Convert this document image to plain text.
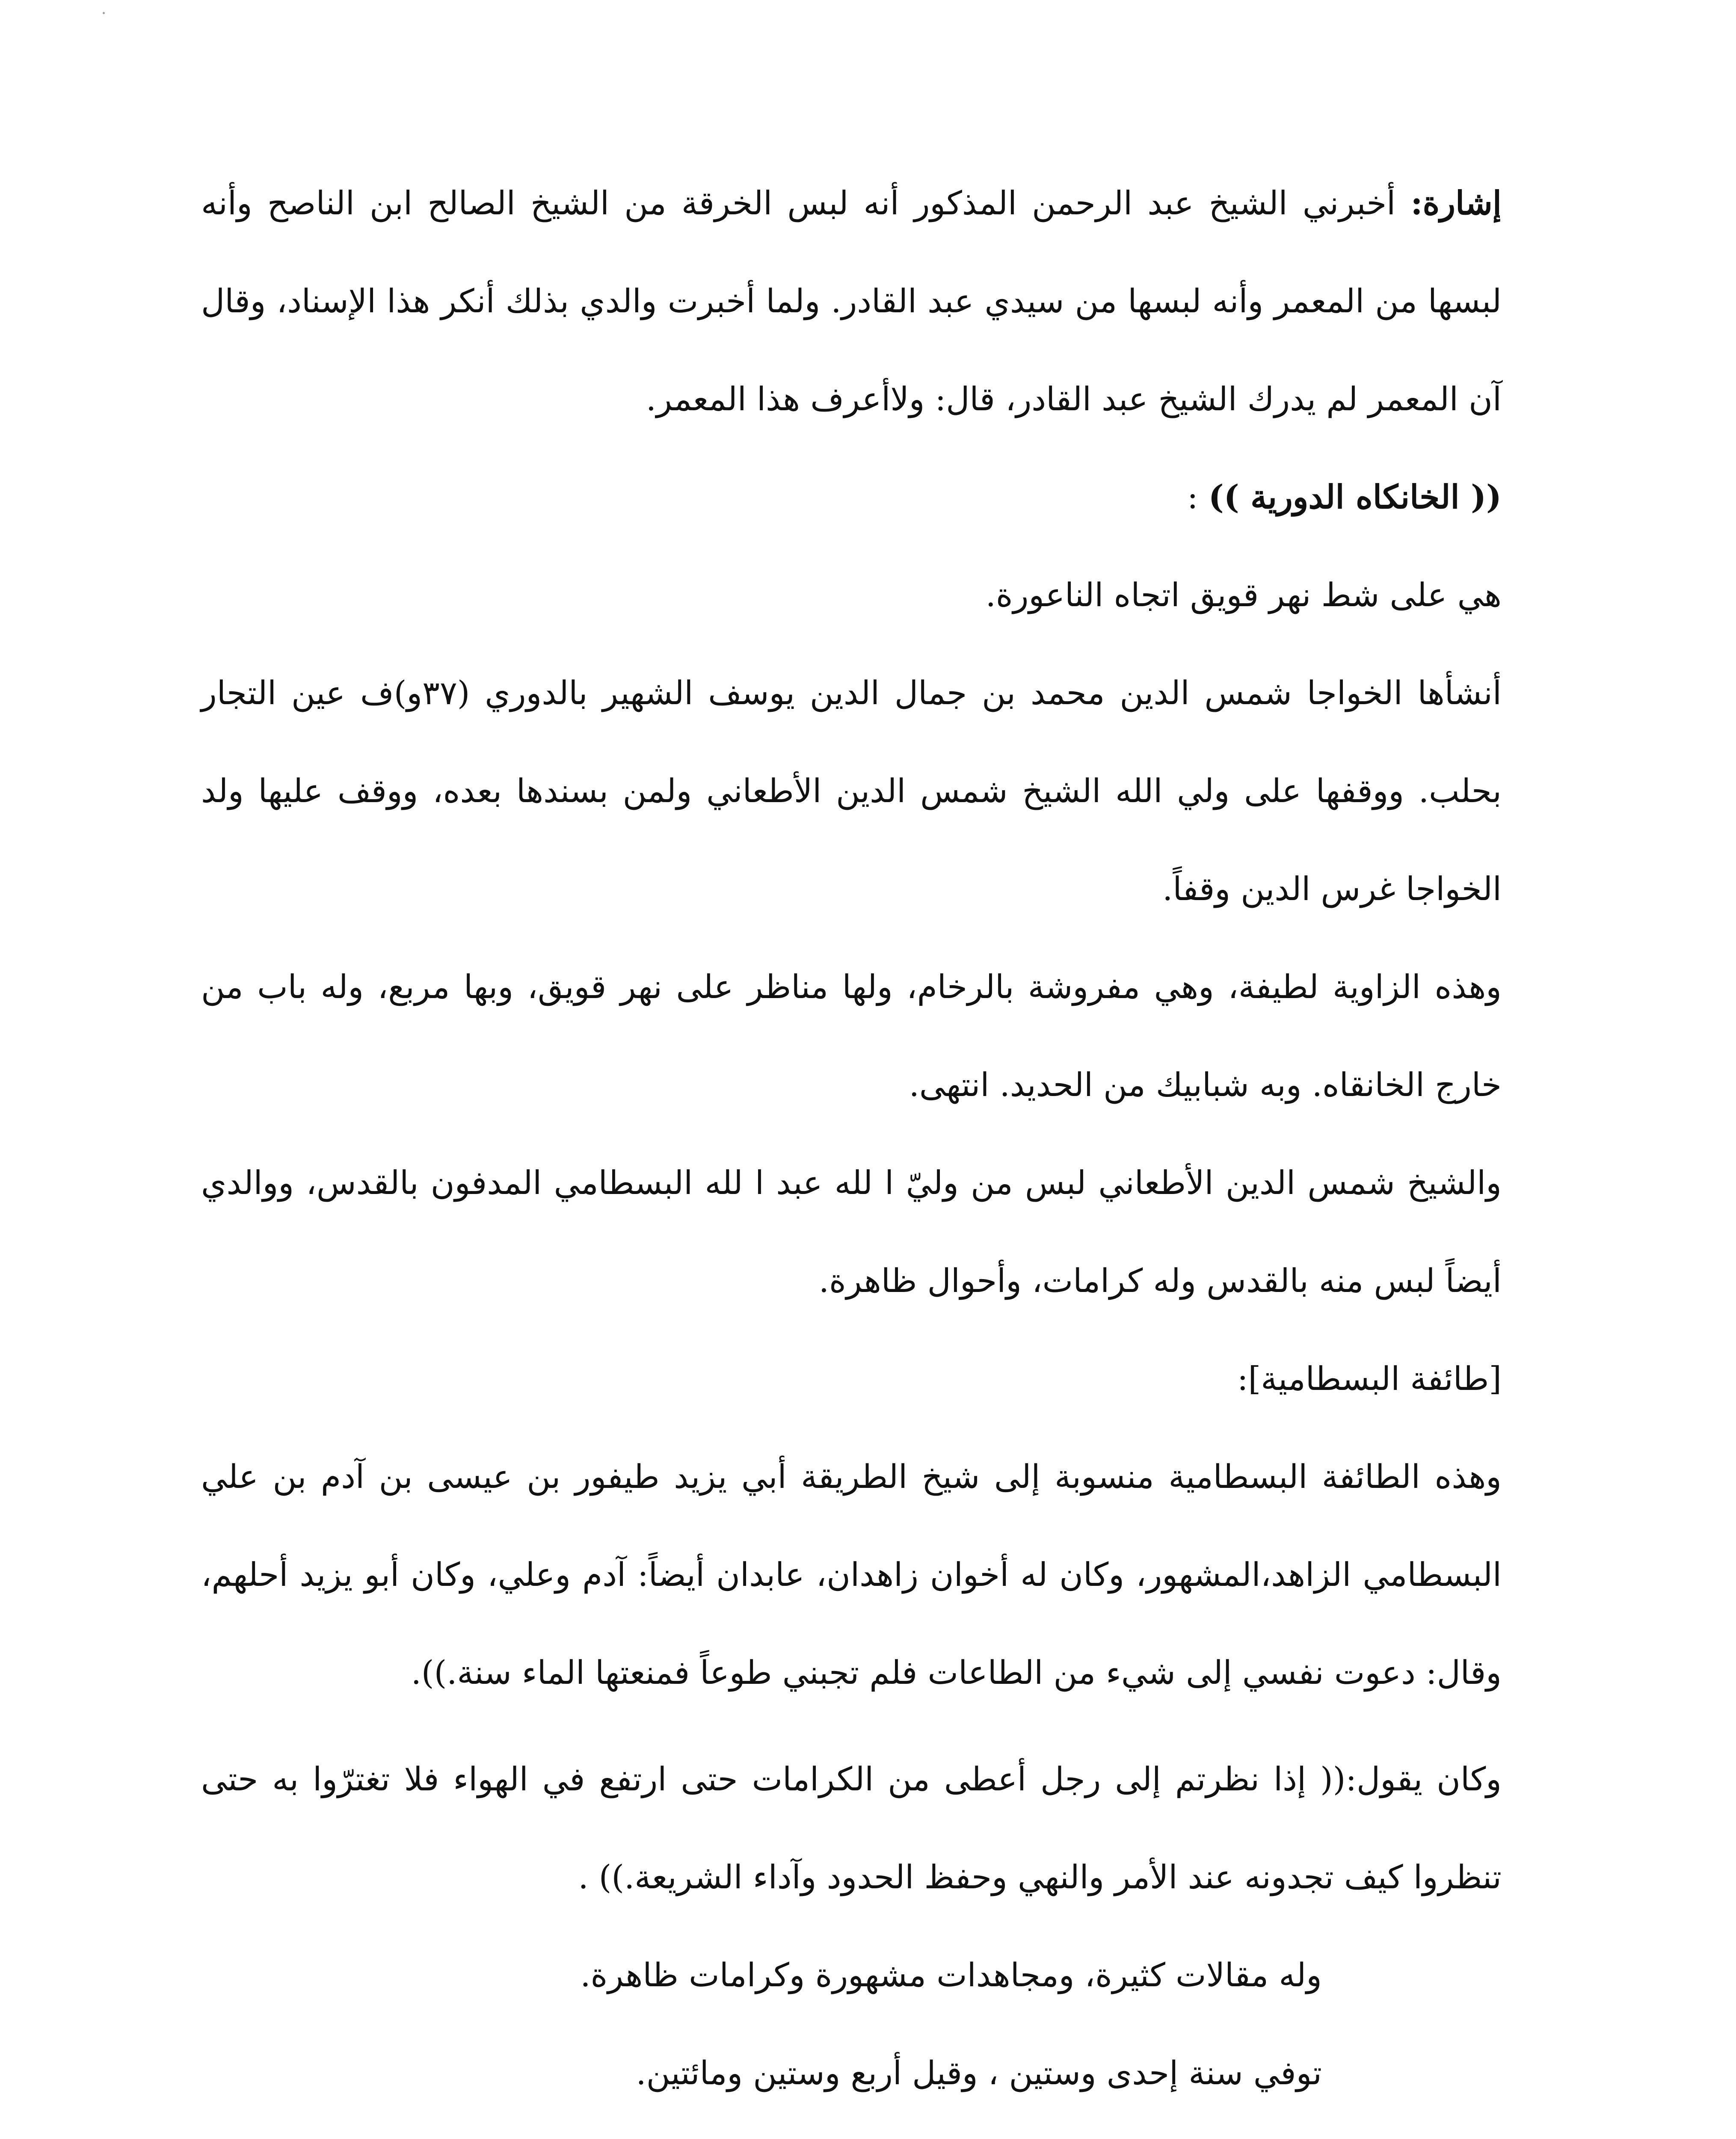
إشارة: أخبرني الشيخ عبد الرحمن المذكور أنه لبس الخرقة من الشيخ الصالح ابن الناصح وأنه لبسها من المعمر وأنه لبسها من سيدي عبد القادر. ولما أخبرت والدي بذلك أنكر هذا الإسناد، وقال آن المعمر لم يدرك الشيخ عبد القادر، قال: ولاأعرف هذا المعمر.

(( الخانكاه الدورية )) :

هي على شط نهر قويق اتجاه الناعورة.

أنشأها الخواجا شمس الدين محمد بن جمال الدين يوسف الشهير بالدوري (٣٧و)ف عين التجار بحلب. ووقفها على ولي الله الشيخ شمس الدين الأطعاني ولمن بسندها بعده، ووقف عليها ولد الخواجا غرس الدين وقفاً.

وهذه الزاوية لطيفة، وهي مفروشة بالرخام، ولها مناظر على نهر قويق، وبها مربع، وله باب من خارج الخانقاه. وبه شبابيك من الحديد. انتهى.

والشيخ شمس الدين الأطعاني لبس من وليّ ا لله عبد ا لله البسطامي المدفون بالقدس، ووالدي أيضاً لبس منه بالقدس وله كرامات، وأحوال ظاهرة.

[طائفة البسطامية]:

وهذه الطائفة البسطامية منسوبة إلى شيخ الطريقة أبي يزيد طيفور بن عيسى بن آدم بن علي البسطامي الزاهد،المشهور، وكان له أخوان زاهدان، عابدان أيضاً: آدم وعلي، وكان أبو يزيد أحلهم، وقال: دعوت نفسي إلى شيء من الطاعات فلم تجبني طوعاً فمنعتها الماء سنة.)).

وكان يقول:(( إذا نظرتم إلى رجل أعطى من الكرامات حتى ارتفع في الهواء فلا تغترّوا به حتى تنظروا كيف تجدونه عند الأمر والنهي وحفظ الحدود وآداء الشريعة.)) .

وله مقالات كثيرة، ومجاهدات مشهورة وكرامات ظاهرة.

توفي سنة إحدى وستين ، وقيل أربع وستين ومائتين.
